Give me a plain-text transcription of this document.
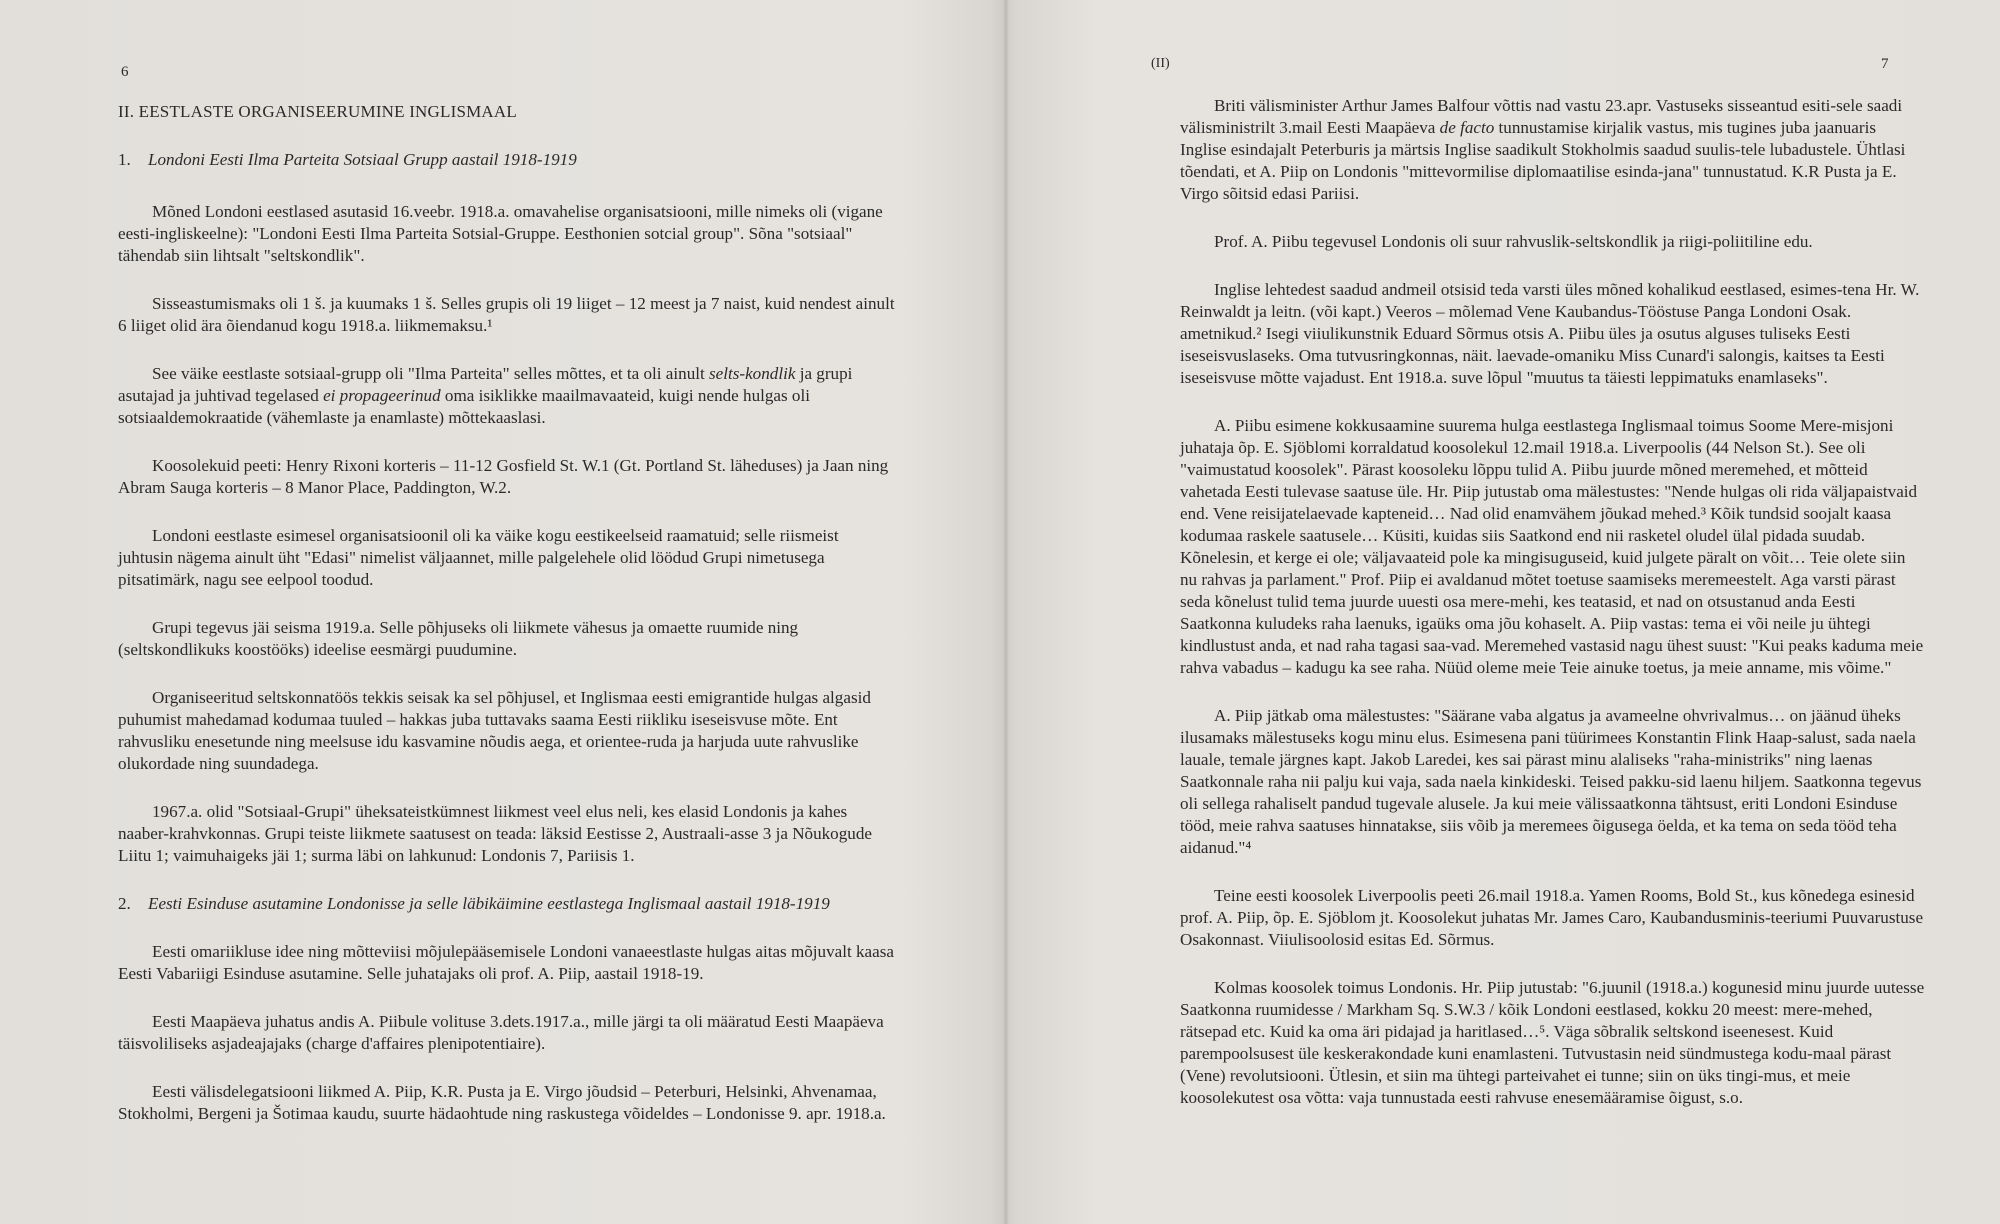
6

II. EESTLASTE ORGANISEERUMINE INGLISMAAL

1. Londoni Eesti Ilma Parteita Sotsiaal Grupp aastail 1918-1919

Mõned Londoni eestlased asutasid 16.veebr. 1918.a. omavahelise organisatsiooni, mille nimeks oli (vigane eesti-ingliskeelne): "Londoni Eesti Ilma Parteita Sotsial-Gruppe. Eesthonien sotcial group". Sõna "sotsiaal" tähendab siin lihtsalt "seltskondlik".

Sisseastumismaks oli 1 š. ja kuumaks 1 š. Selles grupis oli 19 liiget – 12 meest ja 7 naist, kuid nendest ainult 6 liiget olid ära õiendanud kogu 1918.a. liikmemaksu.¹

See väike eestlaste sotsiaal-grupp oli "Ilma Parteita" selles mõttes, et ta oli ainult selts-kondlik ja grupi asutajad ja juhtivad tegelased ei propageerinud oma isiklikke maailmavaateid, kuigi nende hulgas oli sotsiaaldemokraatide (vähemlaste ja enamlaste) mõttekaaslasi.

Koosolekuid peeti: Henry Rixoni korteris – 11-12 Gosfield St. W.1 (Gt. Portland St. läheduses) ja Jaan ning Abram Sauga korteris – 8 Manor Place, Paddington, W.2.

Londoni eestlaste esimesel organisatsioonil oli ka väike kogu eestikeelseid raamatuid; selle riismeist juhtusin nägema ainult üht "Edasi" nimelist väljaannet, mille palgelehele olid löödud Grupi nimetusega pitsatimärk, nagu see eelpool toodud.

Grupi tegevus jäi seisma 1919.a. Selle põhjuseks oli liikmete vähesus ja omaette ruumide ning (seltskondlikuks koostööks) ideelise eesmärgi puudumine.

Organiseeritud seltskonnatöös tekkis seisak ka sel põhjusel, et Inglismaa eesti emigrantide hulgas algasid puhumist mahedamad kodumaa tuuled – hakkas juba tuttavaks saama Eesti riikliku iseseisvuse mõte. Ent rahvusliku enesetunde ning meelsuse idu kasvamine nõudis aega, et orientee-ruda ja harjuda uute rahvuslike olukordade ning suundadega.

1967.a. olid "Sotsiaal-Grupi" üheksateistkümnest liikmest veel elus neli, kes elasid Londonis ja kahes naaber-krahvkonnas. Grupi teiste liikmete saatusest on teada: läksid Eestisse 2, Austraali-asse 3 ja Nõukogude Liitu 1; vaimuhaigeks jäi 1; surma läbi on lahkunud: Londonis 7, Pariisis 1.

2. Eesti Esinduse asutamine Londonisse ja selle läbikäimine eestlastega Inglismaal aastail 1918-1919

Eesti omariikluse idee ning mõtteviisi mõjulepääsemisele Londoni vanaeestlaste hulgas aitas mõjuvalt kaasa Eesti Vabariigi Esinduse asutamine. Selle juhatajaks oli prof. A. Piip, aastail 1918-19.

Eesti Maapäeva juhatus andis A. Piibule volituse 3.dets.1917.a., mille järgi ta oli määratud Eesti Maapäeva täisvoliliseks asjadeajajaks (charge d'affaires plenipotentiaire).

Eesti välisdelegatsiooni liikmed A. Piip, K.R. Pusta ja E. Virgo jõudsid – Peterburi, Helsinki, Ahvenamaa, Stokholmi, Bergeni ja Šotimaa kaudu, suurte hädaohtude ning raskustega võideldes – Londonisse 9. apr. 1918.a.

(II)	7

Briti välisminister Arthur James Balfour võttis nad vastu 23.apr. Vastuseks sisseantud esiti-sele saadi välisministrilt 3.mail Eesti Maapäeva de facto tunnustamise kirjalik vastus, mis tugines juba jaanuaris Inglise esindajalt Peterburis ja märtsis Inglise saadikult Stokholmis saadud suulis-tele lubadustele. Ühtlasi tõendati, et A. Piip on Londonis "mittevormilise diplomaatilise esinda-jana" tunnustatud. K.R Pusta ja E. Virgo sõitsid edasi Pariisi.

Prof. A. Piibu tegevusel Londonis oli suur rahvuslik-seltskondlik ja riigi-poliitiline edu.

Inglise lehtedest saadud andmeil otsisid teda varsti üles mõned kohalikud eestlased, esimes-tena Hr. W. Reinwaldt ja leitn. (või kapt.) Veeros – mõlemad Vene Kaubandus-Tööstuse Panga Londoni Osak. ametnikud.² Isegi viiulikunstnik Eduard Sõrmus otsis A. Piibu üles ja osutus alguses tuliseks Eesti iseseisvuslaseks. Oma tutvusringkonnas, näit. laevade-omaniku Miss Cunard'i salongis, kaitses ta Eesti iseseisvuse mõtte vajadust. Ent 1918.a. suve lõpul "muutus ta täiesti leppimatuks enamlaseks".

A. Piibu esimene kokkusaamine suurema hulga eestlastega Inglismaal toimus Soome Mere-misjoni juhataja õp. E. Sjöblomi korraldatud koosolekul 12.mail 1918.a. Liverpoolis (44 Nelson St.). See oli "vaimustatud koosolek". Pärast koosoleku lõppu tulid A. Piibu juurde mõned meremehed, et mõtteid vahetada Eesti tulevase saatuse üle. Hr. Piip jutustab oma mälestustes: "Nende hulgas oli rida väljapaistvaid end. Vene reisijatelaevade kapteneid… Nad olid enamvähem jõukad mehed.³ Kõik tundsid soojalt kaasa kodumaa raskele saatusele… Küsiti, kuidas siis Saatkond end nii rasketel oludel ülal pidada suudab. Kõnelesin, et kerge ei ole; väljavaateid pole ka mingisuguseid, kuid julgete päralt on võit… Teie olete siin nu rahvas ja parlament." Prof. Piip ei avaldanud mõtet toetuse saamiseks meremeestelt. Aga varsti pärast seda kõnelust tulid tema juurde uuesti osa mere-mehi, kes teatasid, et nad on otsustanud anda Eesti Saatkonna kuludeks raha laenuks, igaüks oma jõu kohaselt. A. Piip vastas: tema ei või neile ju ühtegi kindlustust anda, et nad raha tagasi saa-vad. Meremehed vastasid nagu ühest suust: "Kui peaks kaduma meie rahva vabadus – kadugu ka see raha. Nüüd oleme meie Teie ainuke toetus, ja meie anname, mis võime."

A. Piip jätkab oma mälestustes: "Säärane vaba algatus ja avameelne ohvrivalmus… on jäänud üheks ilusamaks mälestuseks kogu minu elus. Esimesena pani tüürimees Konstantin Flink Haap-salust, sada naela lauale, temale järgnes kapt. Jakob Laredei, kes sai pärast minu alaliseks "raha-ministriks" ning laenas Saatkonnale raha nii palju kui vaja, sada naela kinkideski. Teised pakku-sid laenu hiljem. Saatkonna tegevus oli sellega rahaliselt pandud tugevale alusele. Ja kui meie välissaatkonna tähtsust, eriti Londoni Esinduse tööd, meie rahva saatuses hinnatakse, siis võib ja meremees õigusega öelda, et ka tema on seda tööd teha aidanud."⁴

Teine eesti koosolek Liverpoolis peeti 26.mail 1918.a. Yamen Rooms, Bold St., kus kõnedega esinesid prof. A. Piip, õp. E. Sjöblom jt. Koosolekut juhatas Mr. James Caro, Kaubandusminis-teeriumi Puuvarustuse Osakonnast. Viiulisoolosid esitas Ed. Sõrmus.

Kolmas koosolek toimus Londonis. Hr. Piip jutustab: "6.juunil (1918.a.) kogunesid minu juurde uutesse Saatkonna ruumidesse / Markham Sq. S.W.3 / kõik Londoni eestlased, kokku 20 meest: mere-mehed, rätsepad etc. Kuid ka oma äri pidajad ja haritlased…⁵. Väga sõbralik seltskond iseenesest. Kuid parempoolsusest üle keskerakondade kuni enamlasteni. Tutvustasin neid sündmustega kodu-maal pärast (Vene) revolutsiooni. Ütlesin, et siin ma ühtegi parteivahet ei tunne; siin on üks tingi-mus, et meie koosolekutest osa võtta: vaja tunnustada eesti rahvuse enesemääramise õigust, s.o.
